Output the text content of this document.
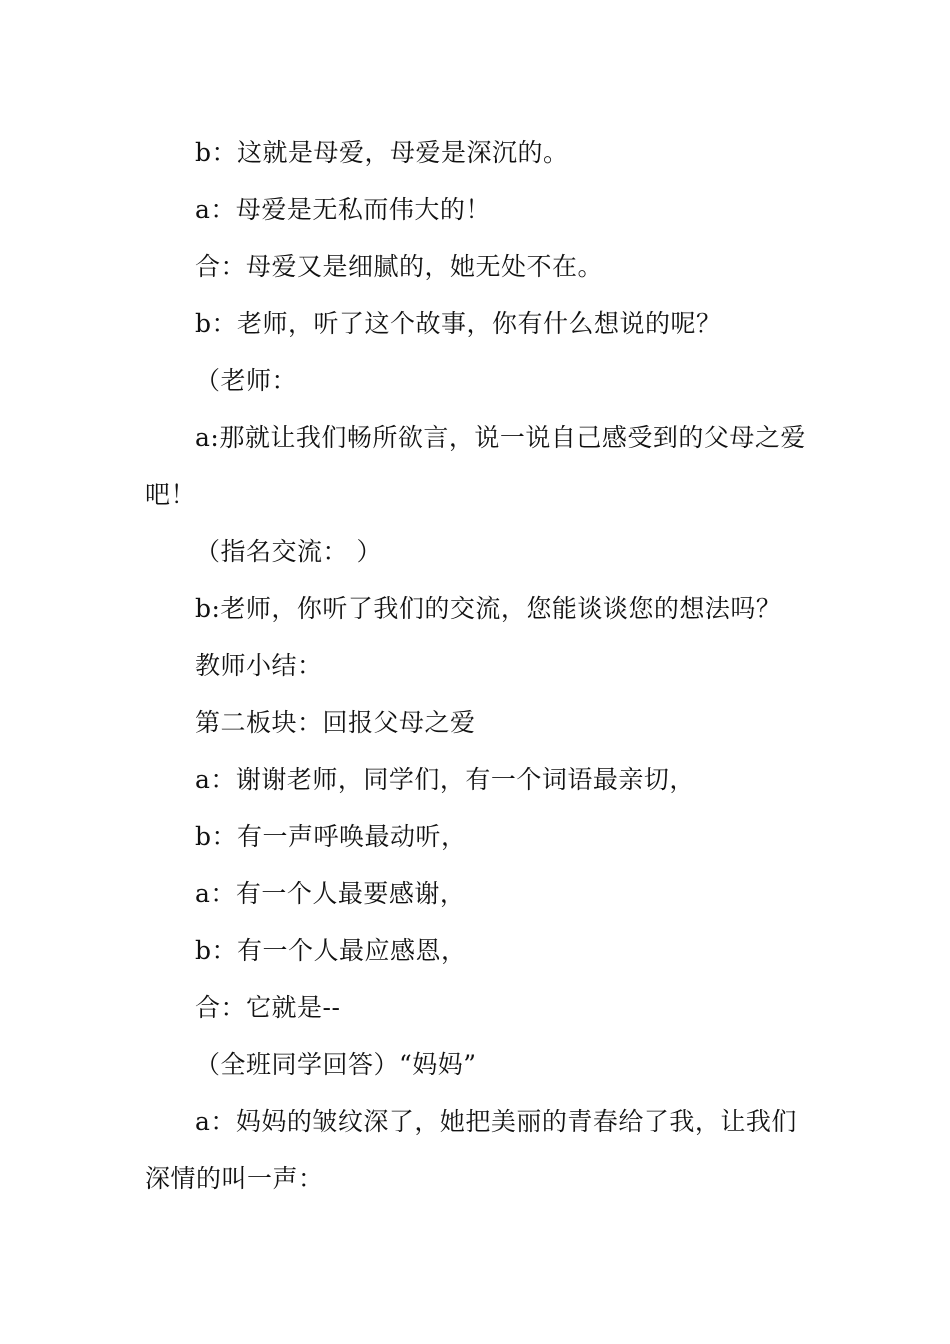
b：这就是母爱，母爱是深沉的。

a：母爱是无私而伟大的！

合：母爱又是细腻的，她无处不在。

b：老师，听了这个故事，你有什么想说的呢？

（老师：

a:那就让我们畅所欲言，说一说自己感受到的父母之爱吧！

（指名交流： ）

b:老师，你听了我们的交流，您能谈谈您的想法吗？

教师小结：

第二板块：回报父母之爱

a：谢谢老师，同学们，有一个词语最亲切，

b：有一声呼唤最动听，

a：有一个人最要感谢，

b：有一个人最应感恩，

合：它就是--

（全班同学回答）“妈妈”

a：妈妈的皱纹深了，她把美丽的青春给了我，让我们深情的叫一声：
